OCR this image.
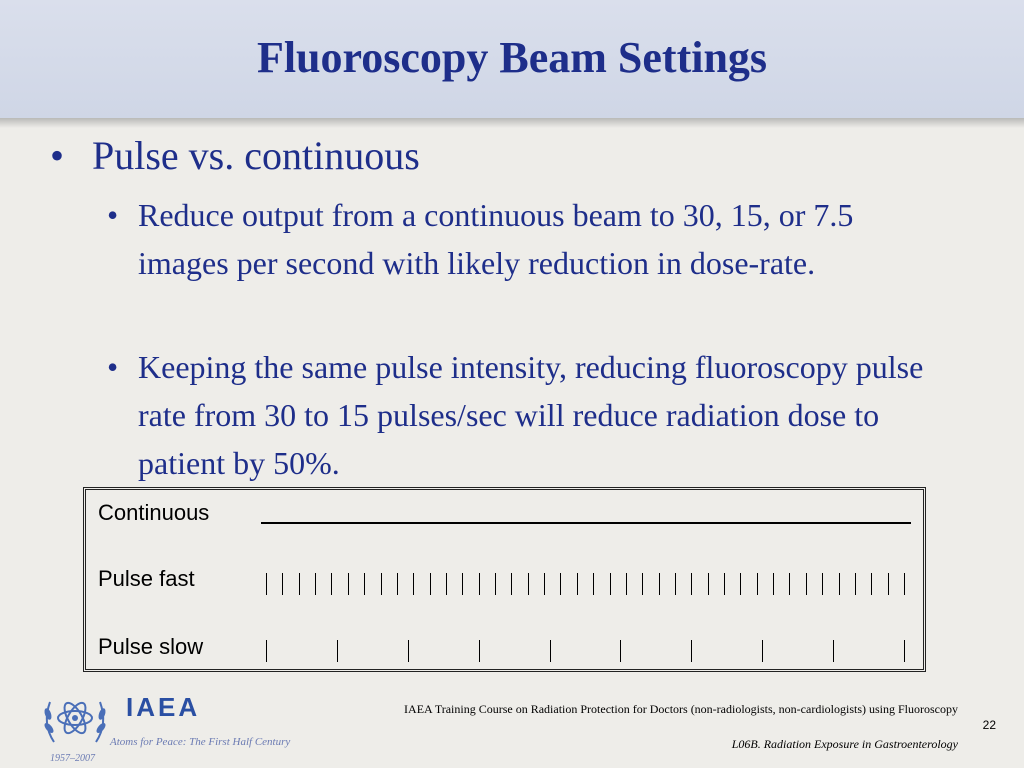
Fluoroscopy Beam Settings
• Pulse vs. continuous
• Reduce output from a continuous beam to 30, 15, or 7.5 images per second with likely reduction in dose-rate.
• Keeping the same pulse intensity, reducing fluoroscopy pulse rate from 30 to 15 pulses/sec will reduce radiation dose to patient by 50%.
Continuous
Pulse fast
Pulse slow
IAEA Training Course on Radiation Protection for Doctors (non-radiologists, non-cardiologists) using Fluoroscopy
22
L06B. Radiation Exposure in Gastroenterology
IAEA
Atoms for Peace: The First Half Century
1957–2007
